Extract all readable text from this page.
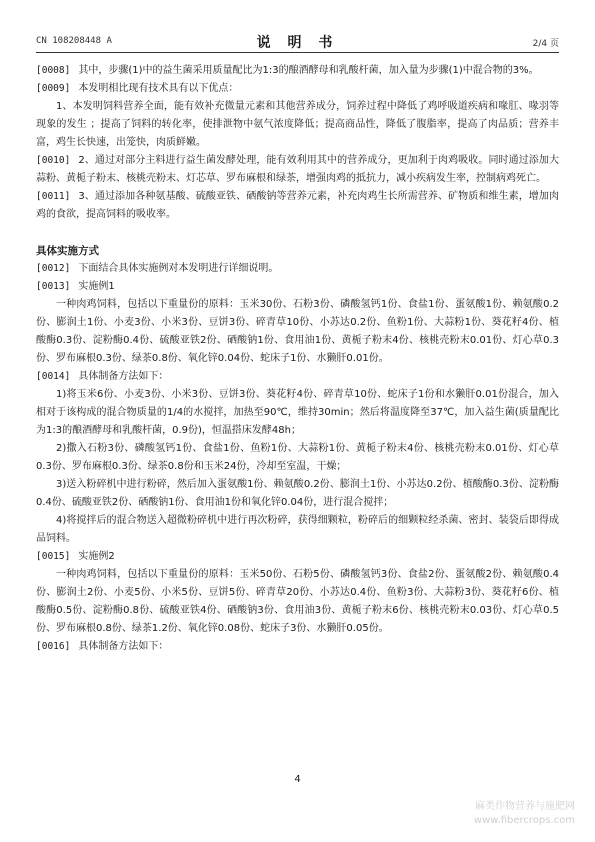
CN 108208448 A	说 明 书	2/4 页

[0008] 其中，步骤(1)中的益生菌采用质量配比为1:3的酿酒酵母和乳酸杆菌，加入量为步骤(1)中混合物的3%。

[0009] 本发明相比现有技术具有以下优点：

1、本发明饲料营养全面，能有效补充微量元素和其他营养成分，饲养过程中降低了鸡呼吸道疾病和喙肛、喙羽等现象的发生 ；提高了饲料的转化率，使排泄物中氨气浓度降低；提高商品性，降低了腹脂率，提高了肉品质；营养丰富，鸡生长快速，出笼快，肉质鲜嫩。

[0010] 2、通过对部分主料进行益生菌发酵处理，能有效利用其中的营养成分，更加利于肉鸡吸收。同时通过添加大蒜粉、黄栀子粉末、核桃壳粉末、灯芯草、罗布麻根和绿茶，增强肉鸡的抵抗力，减小疾病发生率，控制病鸡死亡。

[0011] 3、通过添加各种氨基酸、硫酸亚铁、硒酸钠等营养元素，补充肉鸡生长所需营养、矿物质和维生素，增加肉鸡的食欲，提高饲料的吸收率。

具体实施方式

[0012] 下面结合具体实施例对本发明进行详细说明。

[0013] 实施例1

一种肉鸡饲料，包括以下重量份的原料：玉米30份、石粉3份、磷酸氢钙1份、食盐1份、蛋氨酸1份、赖氨酸0.2份、膨润土1份、小麦3份、小米3份、豆饼3份、碎青草10份、小苏达0.2份、鱼粉1份、大蒜粉1份、葵花籽4份、植酸酶0.3份、淀粉酶0.4份、硫酸亚铁2份、硒酸钠1份、食用油1份、黄栀子粉末4份、核桃壳粉末0.01份、灯心草0.3份、罗布麻根0.3份、绿茶0.8份、氧化锌0.04份、蛇床子1份、水獭肝0.01份。

[0014] 具体制备方法如下：

1)将玉米6份、小麦3份、小米3份、豆饼3份、葵花籽4份、碎青草10份、蛇床子1份和水獭肝0.01份混合，加入相对于该构成的混合物质量的1/4的水搅拌，加热至90℃，维持30min；然后将温度降至37℃，加入益生菌(质量配比为1:3的酿酒酵母和乳酸杆菌，0.9份)，恒温搭床发酵48h；

2)撒入石粉3份、磷酸氢钙1份、食盐1份、鱼粉1份、大蒜粉1份、黄栀子粉末4份、核桃壳粉末0.01份、灯心草0.3份、罗布麻根0.3份、绿茶0.8份和玉米24份，冷却至室温，干燥；

3)送入粉碎机中进行粉碎，然后加入蛋氨酸1份、赖氨酸0.2份、膨润土1份、小苏达0.2份、植酸酶0.3份、淀粉酶0.4份、硫酸亚铁2份、硒酸钠1份、食用油1份和氧化锌0.04份，进行混合搅拌；

4)将搅拌后的混合物送入超微粉碎机中进行再次粉碎，获得细颗粒，粉碎后的细颗粒经杀菌、密封、装袋后即得成品饲料。

[0015] 实施例2

一种肉鸡饲料，包括以下重量份的原料：玉米50份、石粉5份、磷酸氢钙3份、食盐2份、蛋氨酸2份、赖氨酸0.4份、膨润土2份、小麦5份、小米5份、豆饼5份、碎青草20份、小苏达0.4份、鱼粉3份、大蒜粉3份、葵花籽6份、植酸酶0.5份、淀粉酶0.8份、硫酸亚铁4份、硒酸钠3份、食用油3份、黄栀子粉末6份、核桃壳粉末0.03份、灯心草0.5份、罗布麻根0.8份、绿茶1.2份、氧化锌0.08份、蛇床子3份、水獭肝0.05份。

[0016] 具体制备方法如下：

4
麻类作物营养与施肥网
www.fibercrops.com
